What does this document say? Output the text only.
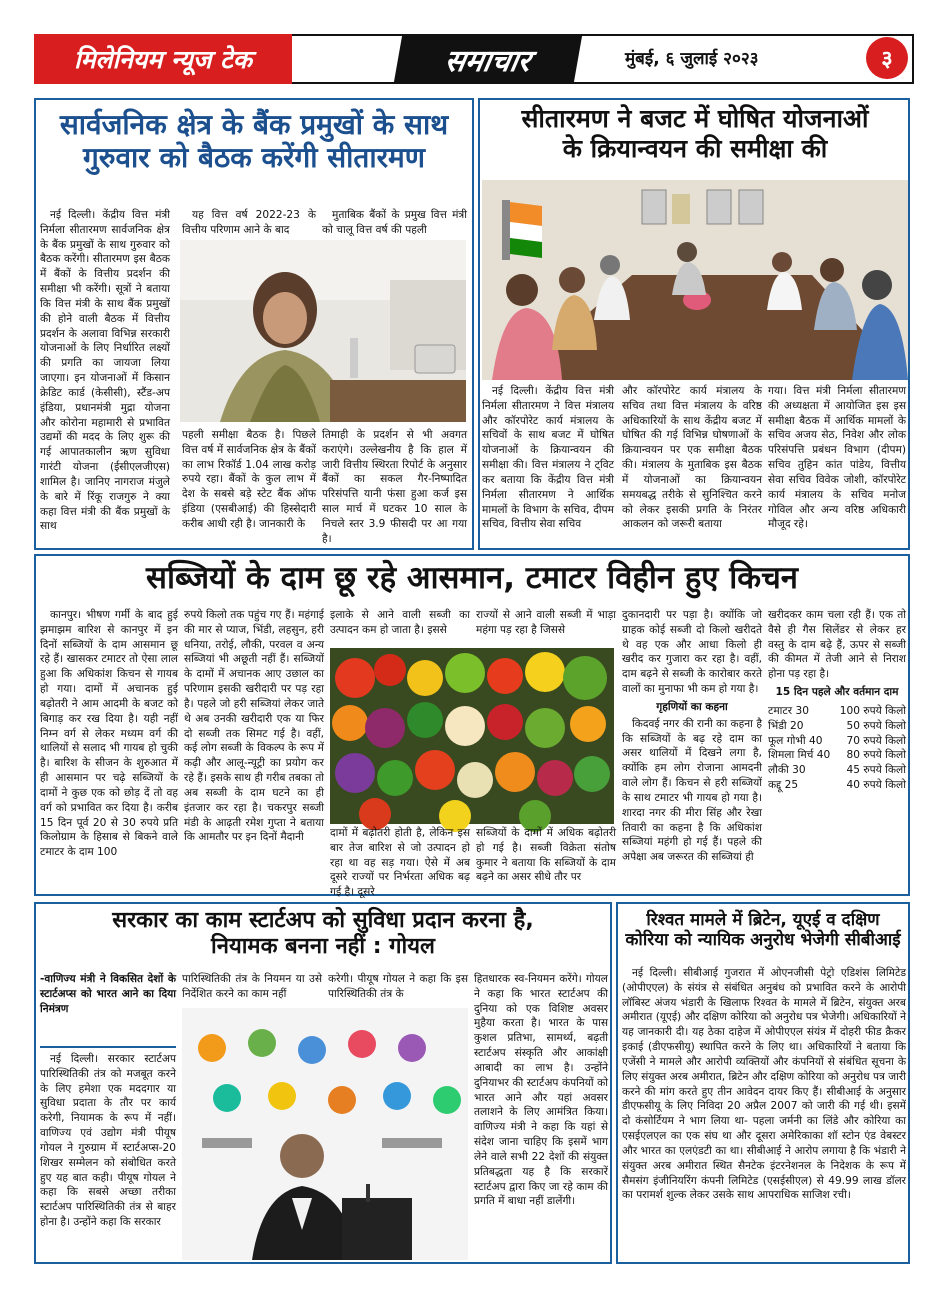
मिलेनियम न्यूज टेक	समाचार	मुंबई, ६ जुलाई २०२३	३
सार्वजनिक क्षेत्र के बैंक प्रमुखों के साथ
गुरुवार को बैठक करेंगी सीतारमण

नई दिल्ली। केंद्रीय वित्त मंत्री निर्मला सीतारमण सार्वजनिक क्षेत्र के बैंक प्रमुखों के साथ गुरुवार को बैठक करेंगी। सीतारमण इस बैठक में बैंकों के वित्तीय प्रदर्शन की समीक्षा भी करेंगी। सूत्रों ने बताया कि वित्त मंत्री के साथ बैंक प्रमुखों की होने वाली बैठक में वित्तीय प्रदर्शन के अलावा विभिन्न सरकारी योजनाओं के लिए निर्धारित लक्ष्यों की प्रगति का जायजा लिया जाएगा। इन योजनाओं में किसान क्रेडिट कार्ड (केसीसी), स्टैंड-अप इंडिया, प्रधानमंत्री मुद्रा योजना और कोरोना महामारी से प्रभावित उद्यमों की मदद के लिए शुरू की गई आपातकालीन ऋण सुविधा गारंटी योजना (ईसीएलजीएस) शामिल है। जानिए नागराज मंजुले के बारे में रिंकू राजगुरु ने क्या कहा वित्त मंत्री की बैंक प्रमुखों के साथ

यह वित्त वर्ष 2022-23 के वित्तीय परिणाम आने के बाद

मुताबिक बैंकों के प्रमुख वित्त मंत्री को चालू वित्त वर्ष की पहली

पहली समीक्षा बैठक है। पिछले वित्त वर्ष में सार्वजनिक क्षेत्र के बैंकों का लाभ रिकॉर्ड 1.04 लाख करोड़ रुपये रहा। बैंकों के कुल लाभ में देश के सबसे बड़े स्टेट बैंक ऑफ इंडिया (एसबीआई) की हिस्सेदारी करीब आधी रही है। जानकारी के

तिमाही के प्रदर्शन से भी अवगत कराएंगे। उल्लेखनीय है कि हाल में जारी वित्तीय स्थिरता रिपोर्ट के अनुसार बैंकों का सकल गैर-निष्पादित परिसंपत्ति यानी फंसा हुआ कर्ज इस साल मार्च में घटकर 10 साल के निचले स्तर 3.9 फीसदी पर आ गया है।

सीतारमण ने बजट में घोषित योजनाओं
के क्रियान्वयन की समीक्षा की

नई दिल्ली। केंद्रीय वित्त मंत्री निर्मला सीतारमण ने वित्त मंत्रालय और कॉरपोरेट कार्य मंत्रालय के सचिवों के साथ बजट में घोषित योजनाओं के क्रियान्वयन की समीक्षा की। वित्त मंत्रालय ने ट्विट कर बताया कि केंद्रीय वित्त मंत्री निर्मला सीतारमण ने आर्थिक मामलों के विभाग के सचिव, दीपम सचिव, वित्तीय सेवा सचिव

और कॉरपोरेट कार्य मंत्रालय के सचिव तथा वित्त मंत्रालय के वरिष्ठ अधिकारियों के साथ केंद्रीय बजट में घोषित की गई विभिन्न घोषणाओं के क्रियान्वयन पर एक समीक्षा बैठक की। मंत्रालय के मुताबिक इस बैठक में योजनाओं का क्रियान्वयन समयबद्ध तरीके से सुनिश्चित करने को लेकर इसकी प्रगति के निरंतर आकलन को जरूरी बताया

गया। वित्त मंत्री निर्मला सीतारमण की अध्यक्षता में आयोजित इस इस समीक्षा बैठक में आर्थिक मामलों के सचिव अजय सेठ, निवेश और लोक परिसंपत्ति प्रबंधन विभाग (दीपम) सचिव तुहिन कांत पांडेय, वित्तीय सेवा सचिव विवेक जोशी, कॉरपोरेट कार्य मंत्रालय के सचिव मनोज गोविल और अन्य वरिष्ठ अधिकारी मौजूद रहे।

सब्जियों के दाम छू रहे आसमान, टमाटर विहीन हुए किचन

कानपुर। भीषण गर्मी के बाद हुई झमाझम बारिश से कानपुर में इन दिनों सब्जियों के दाम आसमान छू रहे हैं। खासकर टमाटर तो ऐसा लाल हुआ कि अधिकांश किचन से गायब हो गया। दामों में अचानक हुई बढ़ोतरी ने आम आदमी के बजट को बिगाड़ कर रख दिया है। यही नहीं निम्न वर्ग से लेकर मध्यम वर्ग की थालियों से सलाद भी गायब हो चुकी है। बारिश के सीजन के शुरुआत में ही आसमान पर चढ़े सब्जियों के दामों ने कुछ एक को छोड़ दें तो वह वर्ग को प्रभावित कर दिया है। करीब 15 दिन पूर्व 20 से 30 रुपये प्रति किलोग्राम के हिसाब से बिकने वाले टमाटर के दाम 100

रुपये किलो तक पहुंच गए हैं। महंगाई की मार से प्याज, भिंडी, लहसुन, हरी धनिया, तरोई, लौकी, परवल व अन्य सब्जियां भी अछूती नहीं हैं। सब्जियों के दामों में अचानक आए उछाल का परिणाम इसकी खरीदारी पर पड़ रहा है। पहले जो हरी सब्जियां लेकर जाते थे अब उनकी खरीदारी एक या फिर दो सब्जी तक सिमट गई है। वहीं, कई लोग सब्जी के विकल्प के रूप में कढ़ी और आलू-न्यूट्री का प्रयोग कर रहे हैं। इसके साथ ही गरीब तबका तो अब सब्जी के दाम घटने का ही इंतजार कर रहा है। चकरपुर सब्जी मंडी के आढ़ती रमेश गुप्ता ने बताया कि आमतौर पर इन दिनों मैदानी

इलाके से आने वाली सब्जी का उत्पादन कम हो जाता है। इससे

राज्यों से आने वाली सब्जी में भाड़ा महंगा पड़ रहा है जिससे

दामों में बढ़ोतरी होती है, लेकिन इस बार तेज बारिश से जो उत्पादन हो रहा था वह सड़ गया। ऐसे में अब दूसरे राज्यों पर निर्भरता अधिक बढ़ गई है। दूसरे

सब्जियों के दामों में अधिक बढ़ोतरी हो गई है। सब्जी विक्रेता संतोष कुमार ने बताया कि सब्जियों के दाम बढ़ने का असर सीधे तौर पर

दुकानदारी पर पड़ा है। क्योंकि जो ग्राहक कोई सब्जी दो किलो खरीदते थे वह एक और आधा किलो ही खरीद कर गुजारा कर रहा है। वहीं, दाम बढ़ने से सब्जी के कारोबार करते वालों का मुनाफा भी कम हो गया है।

गृहणियों का कहना

किदवई नगर की रानी का कहना है कि सब्जियों के बढ़ रहे दाम का असर थालियों में दिखने लगा है, क्योंकि हम लोग रोजाना आमदनी वाले लोग हैं। किचन से हरी सब्जियों के साथ टमाटर भी गायब हो गया है। शारदा नगर की मीरा सिंह और रेखा तिवारी का कहना है कि अधिकांश सब्जियां महंगी हो गई हैं। पहले की अपेक्षा अब जरूरत की सब्जियां ही

खरीदकर काम चला रही हैं। एक तो वैसे ही गैस सिलेंडर से लेकर हर वस्तु के दाम बढ़े हैं, ऊपर से सब्जी की कीमत में तेजी आने से निराश होना पड़ रहा है।

15 दिन पहले और वर्तमान दाम
टमाटर 30	100 रुपये किलो
भिंडी 20	50 रुपये किलो
फूल गोभी 40 70 रुपये किलो
शिमला मिर्च 40 80 रुपये किलो
लौकी 30	45 रुपये किलो
कद्दू 25	40 रुपये किलो
सरकार का काम स्टार्टअप को सुविधा प्रदान करना है,
नियामक बनना नहीं : गोयल

-वाणिज्य मंत्री ने विकसित देशों के स्टार्टअप्स को भारत आने का दिया निमंत्रण

नई दिल्ली। सरकार स्टार्टअप पारिस्थितिकी तंत्र को मजबूत करने के लिए हमेशा एक मददगार या सुविधा प्रदाता के तौर पर कार्य करेगी, नियामक के रूप में नहीं। वाणिज्य एवं उद्योग मंत्री पीयूष गोयल ने गुरुग्राम में स्टार्टअप्स-20 शिखर सम्मेलन को संबोधित करते हुए यह बात कही। पीयूष गोयल ने कहा कि सबसे अच्छा तरीका स्टार्टअप पारिस्थितिकी तंत्र से बाहर होना है। उन्होंने कहा कि सरकार

पारिस्थितिकी तंत्र के नियमन या उसे निर्देशित करने का काम नहीं

करेगी। पीयूष गोयल ने कहा कि इस पारिस्थितिकी तंत्र के

हितधारक स्व-नियमन करेंगे। गोयल ने कहा कि भारत स्टार्टअप की दुनिया को एक विशिष्ट अवसर मुहैया करता है। भारत के पास कुशल प्रतिभा, सामर्थ्य, बढ़ती स्टार्टअप संस्कृति और आकांक्षी आबादी का लाभ है। उन्होंने दुनियाभर की स्टार्टअप कंपनियों को भारत आने और यहां अवसर तलाशने के लिए आमंत्रित किया। वाणिज्य मंत्री ने कहा कि यहां से संदेश जाना चाहिए कि इसमें भाग लेने वाले सभी 22 देशों की संयुक्त प्रतिबद्धता यह है कि सरकारें स्टार्टअप द्वारा किए जा रहे काम की प्रगति में बाधा नहीं डालेंगी।

रिश्वत मामले में ब्रिटेन, यूएई व दक्षिण
कोरिया को न्यायिक अनुरोध भेजेगी सीबीआई

नई दिल्ली। सीबीआई गुजरात में ओएनजीसी पेट्रो एडिशंस लिमिटेड (ओपीएएल) के संयंत्र से संबंधित अनुबंध को प्रभावित करने के आरोपी लॉबिस्ट अंजय भंडारी के खिलाफ रिश्वत के मामले में ब्रिटेन, संयुक्त अरब अमीरात (यूएई) और दक्षिण कोरिया को अनुरोध पत्र भेजेगी। अधिकारियों ने यह जानकारी दी। यह ठेका दाहेज में ओपीएएल संयंत्र में दोहरी फीड क्रैकर इकाई (डीएफसीयू) स्थापित करने के लिए था। अधिकारियों ने बताया कि एजेंसी ने मामले और आरोपी व्यक्तियों और कंपनियों से संबंधित सूचना के लिए संयुक्त अरब अमीरात, ब्रिटेन और दक्षिण कोरिया को अनुरोध पत्र जारी करने की मांग करते हुए तीन आवेदन दायर किए हैं। सीबीआई के अनुसार डीएफसीयू के लिए निविदा 20 अप्रैल 2007 को जारी की गई थी। इसमें दो कंसोर्टियम ने भाग लिया था- पहला जर्मनी का लिंडे और कोरिया का एसईएलएल का एक संघ था और दूसरा अमेरिकाका शॉ स्टोन एंड वेबस्टर और भारत का एलएंडटी का था। सीबीआई ने आरोप लगाया है कि भंडारी ने संयुक्त अरब अमीरात स्थित सैनटेक इंटरनेशनल के निदेशक के रूप में सैमसंग इंजीनियरिंग कंपनी लिमिटेड (एसईसीएल) से 49.99 लाख डॉलर का परामर्श शुल्क लेकर उसके साथ आपराधिक साजिश रची।
